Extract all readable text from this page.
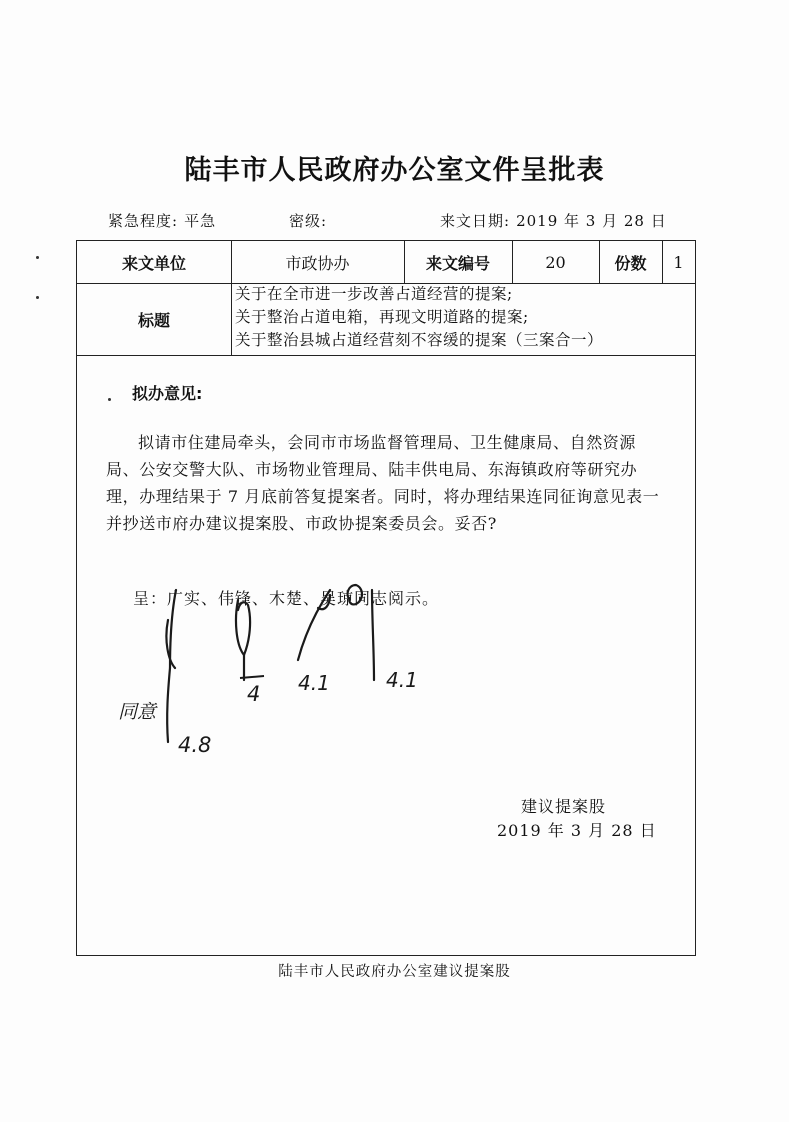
陆丰市人民政府办公室文件呈批表
紧急程度: 平急	密级:	来文日期: 2019 年 3 月 28 日
来文单位	市政协办	来文编号	20	份数	1
标题
关于在全市进一步改善占道经营的提案;
关于整治占道电箱，再现文明道路的提案;
关于整治县城占道经营刻不容缓的提案（三案合一）
拟办意见:
拟请市住建局牵头，会同市市场监督管理局、卫生健康局、自然资源局、公安交警大队、市场物业管理局、陆丰供电局、东海镇政府等研究办理，办理结果于 7 月底前答复提案者。同时，将办理结果连同征询意见表一并抄送市府办建议提案股、市政协提案委员会。妥否?
呈：广实、伟锋、木楚、吴琼同志阅示。
建议提案股
2019 年 3 月 28 日
陆丰市人民政府办公室建议提案股
同意
4.8
4 4.1	4.1
